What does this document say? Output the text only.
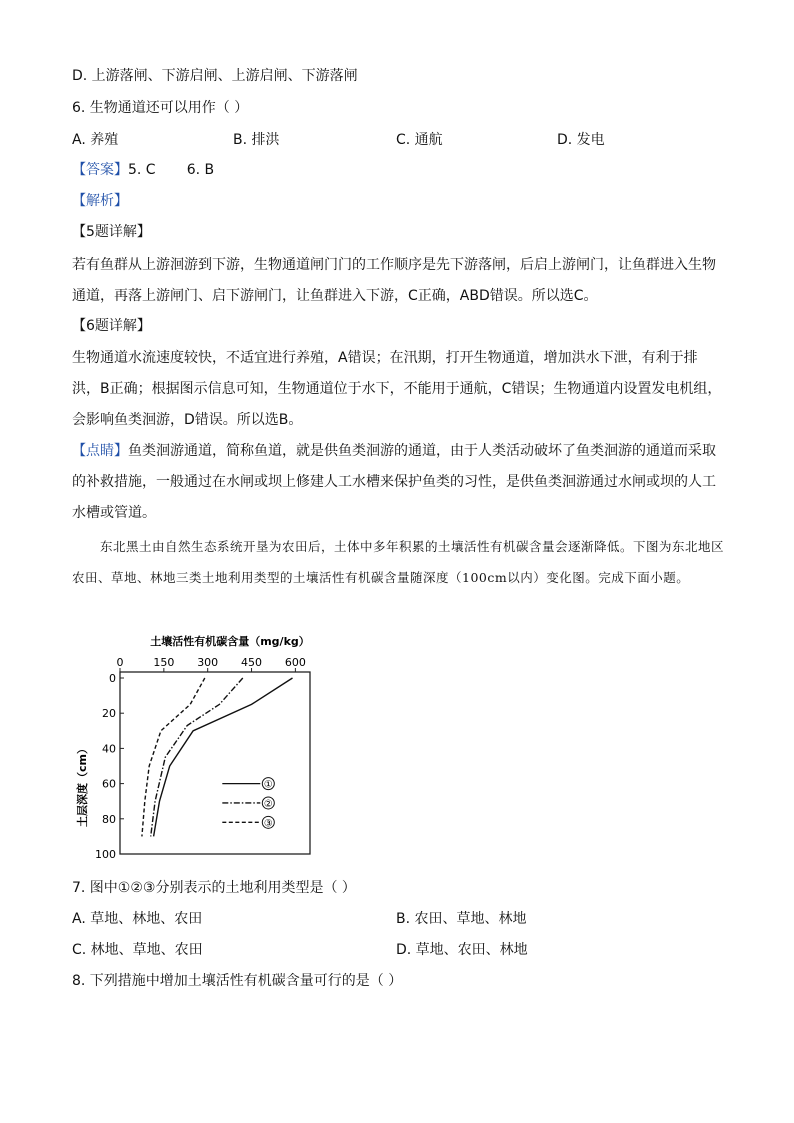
D. 上游落闸、下游启闸、上游启闸、下游落闸
6. 生物通道还可以用作（ ）
A. 养殖	B. 排洪	C. 通航	D. 发电
【答案】5. C       6. B
【解析】
【5题详解】
若有鱼群从上游洄游到下游，生物通道闸门门的工作顺序是先下游落闸，后启上游闸门，让鱼群进入生物通道，再落上游闸门、启下游闸门，让鱼群进入下游，C正确，ABD错误。所以选C。
【6题详解】
生物通道水流速度较快，不适宜进行养殖，A错误；在汛期，打开生物通道，增加洪水下泄，有利于排洪，B正确；根据图示信息可知，生物通道位于水下，不能用于通航，C错误；生物通道内设置发电机组，会影响鱼类洄游，D错误。所以选B。
【点睛】鱼类洄游通道，简称鱼道，就是供鱼类洄游的通道，由于人类活动破坏了鱼类洄游的通道而采取的补救措施，一般通过在水闸或坝上修建人工水槽来保护鱼类的习性，是供鱼类洄游通过水闸或坝的人工水槽或管道。
东北黑土由自然生态系统开垦为农田后，土体中多年积累的土壤活性有机碳含量会逐渐降低。下图为东北地区农田、草地、林地三类土地利用类型的土壤活性有机碳含量随深度（100cm以内）变化图。完成下面小题。
0	150 300 450 600
0
20
40
60
80
100
①
②
③
土壤活性有机碳含量（mg/kg）
土层深度（cm）
7. 图中①②③分别表示的土地利用类型是（ ）
A. 草地、林地、农田	B. 农田、草地、林地
C. 林地、草地、农田	D. 草地、农田、林地
8. 下列措施中增加土壤活性有机碳含量可行的是（ ）
